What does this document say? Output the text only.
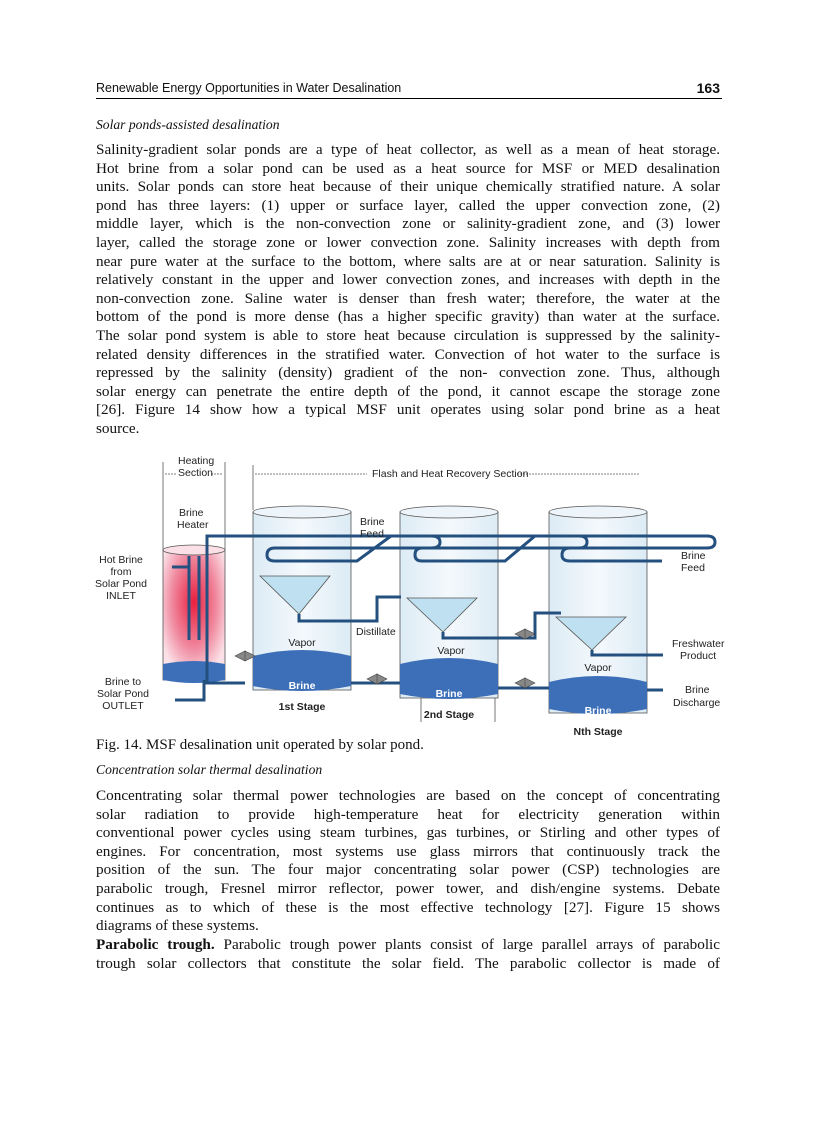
Renewable Energy Opportunities in Water Desalination	163
Solar ponds-assisted desalination
Salinity-gradient solar ponds are a type of heat collector, as well as a mean of heat storage.
Hot brine from a solar pond can be used as a heat source for MSF or MED desalination
units. Solar ponds can store heat because of their unique chemically stratified nature. A solar
pond has three layers: (1) upper or surface layer, called the upper convection zone, (2)
middle layer, which is the non-convection zone or salinity-gradient zone, and (3) lower
layer, called the storage zone or lower convection zone. Salinity increases with depth from
near pure water at the surface to the bottom, where salts are at or near saturation. Salinity is
relatively constant in the upper and lower convection zones, and increases with depth in the
non-convection zone. Saline water is denser than fresh water; therefore, the water at the
bottom of the pond is more dense (has a higher specific gravity) than water at the surface.
The solar pond system is able to store heat because circulation is suppressed by the salinity-
related density differences in the stratified water. Convection of hot water to the surface is
repressed by the salinity (density) gradient of the non- convection zone. Thus, although
solar energy can penetrate the entire depth of the pond, it cannot escape the storage zone
[26]. Figure 14 show how a typical MSF unit operates using solar pond brine as a heat
source.
Heating
Section	Flash and Heat Recovery Section
Brine
Heater
Hot Brine
from
Solar Pond
INLET
Brine to
Solar Pond
OUTLET
Brine
Feed
Distillate
Vapor
Vapor
Vapor
Brine
Brine
Brine
1st Stage
2nd Stage
Nth Stage
Brine
Feed
Freshwater
Product
Brine
Discharge
Fig. 14. MSF desalination unit operated by solar pond.
Concentration solar thermal desalination
Concentrating solar thermal power technologies are based on the concept of concentrating
solar radiation to provide high-temperature heat for electricity generation within
conventional power cycles using steam turbines, gas turbines, or Stirling and other types of
engines. For concentration, most systems use glass mirrors that continuously track the
position of the sun. The four major concentrating solar power (CSP) technologies are
parabolic trough, Fresnel mirror reflector, power tower, and dish/engine systems. Debate
continues as to which of these is the most effective technology [27]. Figure 15 shows
diagrams of these systems.
Parabolic trough. Parabolic trough power plants consist of large parallel arrays of parabolic
trough solar collectors that constitute the solar field. The parabolic collector is made of
